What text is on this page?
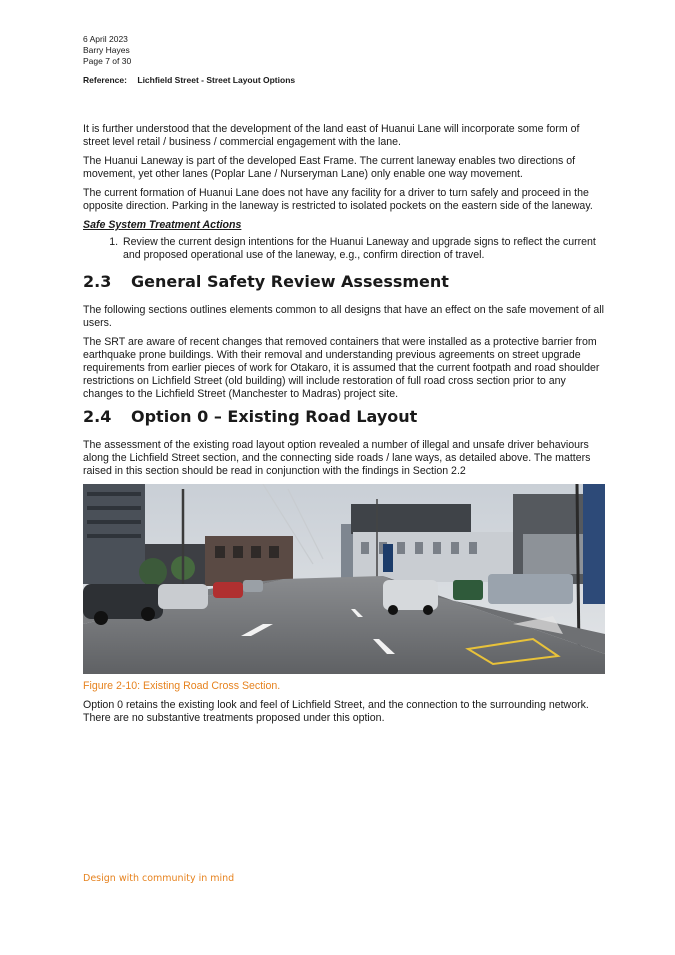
6 April 2023
Barry Hayes
Page 7 of 30
Reference: Lichfield Street - Street Layout Options

It is further understood that the development of the land east of Huanui Lane will incorporate some form of street level retail / business / commercial engagement with the lane.

The Huanui Laneway is part of the developed East Frame. The current laneway enables two directions of movement, yet other lanes (Poplar Lane / Nurseryman Lane) only enable one way movement.

The current formation of Huanui Lane does not have any facility for a driver to turn safely and proceed in the opposite direction. Parking in the laneway is restricted to isolated pockets on the eastern side of the laneway.

Safe System Treatment Actions
1. Review the current design intentions for the Huanui Laneway and upgrade signs to reflect the current and proposed operational use of the laneway, e.g., confirm direction of travel.
2.3 General Safety Review Assessment

The following sections outlines elements common to all designs that have an effect on the safe movement of all users.

The SRT are aware of recent changes that removed containers that were installed as a protective barrier from earthquake prone buildings. With their removal and understanding previous agreements on street upgrade requirements from earlier pieces of work for Otakaro, it is assumed that the current footpath and road shoulder restrictions on Lichfield Street (old building) will include restoration of full road cross section prior to any changes to the Lichfield Street (Manchester to Madras) project site.

2.4 Option 0 – Existing Road Layout

The assessment of the existing road layout option revealed a number of illegal and unsafe driver behaviours along the Lichfield Street section, and the connecting side roads / lane ways, as detailed above. The matters raised in this section should be read in conjunction with the findings in Section 2.2

Figure 2-10: Existing Road Cross Section.

Option 0 retains the existing look and feel of Lichfield Street, and the connection to the surrounding network. There are no substantive treatments proposed under this option.

Design with community in mind
